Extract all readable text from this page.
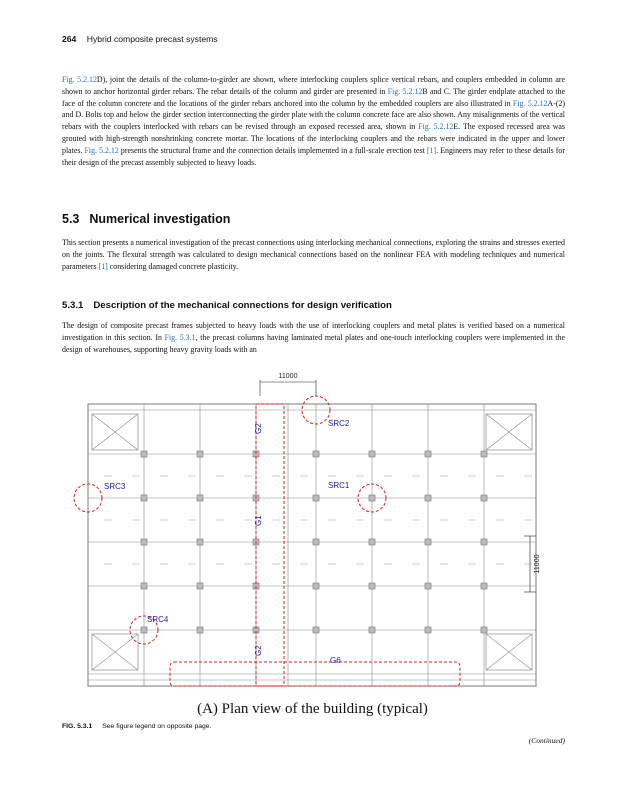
264 Hybrid composite precast systems
Fig. 5.2.12D), joint the details of the column-to-girder are shown, where interlocking couplers splice vertical rebars, and couplers embedded in column are shown to anchor horizontal girder rebars. The rebar details of the column and girder are presented in Fig. 5.2.12B and C. The girder endplate attached to the face of the column concrete and the locations of the girder rebars anchored into the column by the embedded couplers are also illustrated in Fig. 5.2.12A-(2) and D. Bolts top and below the girder section interconnecting the girder plate with the column concrete face are also shown. Any misalignments of the vertical rebars with the couplers interlocked with rebars can be revised through an exposed recessed area, shown in Fig. 5.2.12E. The exposed recessed area was grouted with high-strength nonshrinking concrete mortar. The locations of the interlocking couplers and the rebars were indicated in the upper and lower plates. Fig. 5.2.12 presents the structural frame and the connection details implemented in a full-scale erection test [1]. Engineers may refer to these details for their design of the precast assembly subjected to heavy loads.
5.3 Numerical investigation
This section presents a numerical investigation of the precast connections using interlocking mechanical connections, exploring the strains and stresses exerted on the joints. The flexural strength was calculated to design mechanical connections based on the nonlinear FEA with modeling techniques and numerical parameters [1] considering damaged concrete plasticity.
5.3.1 Description of the mechanical connections for design verification
The design of composite precast frames subjected to heavy loads with the use of interlocking couplers and metal plates is verified based on a numerical investigation in this section. In Fig. 5.3.1, the precast columns having laminated metal plates and one-touch interlocking couplers were implemented in the design of warehouses, supporting heavy gravity loads with an
11000
11000
SRC2
SRC1
SRC3
SRC4
G6
G2
G1
G2
(A) Plan view of the building (typical)
FIG. 5.3.1 See figure legend on opposite page.
(Continued)
